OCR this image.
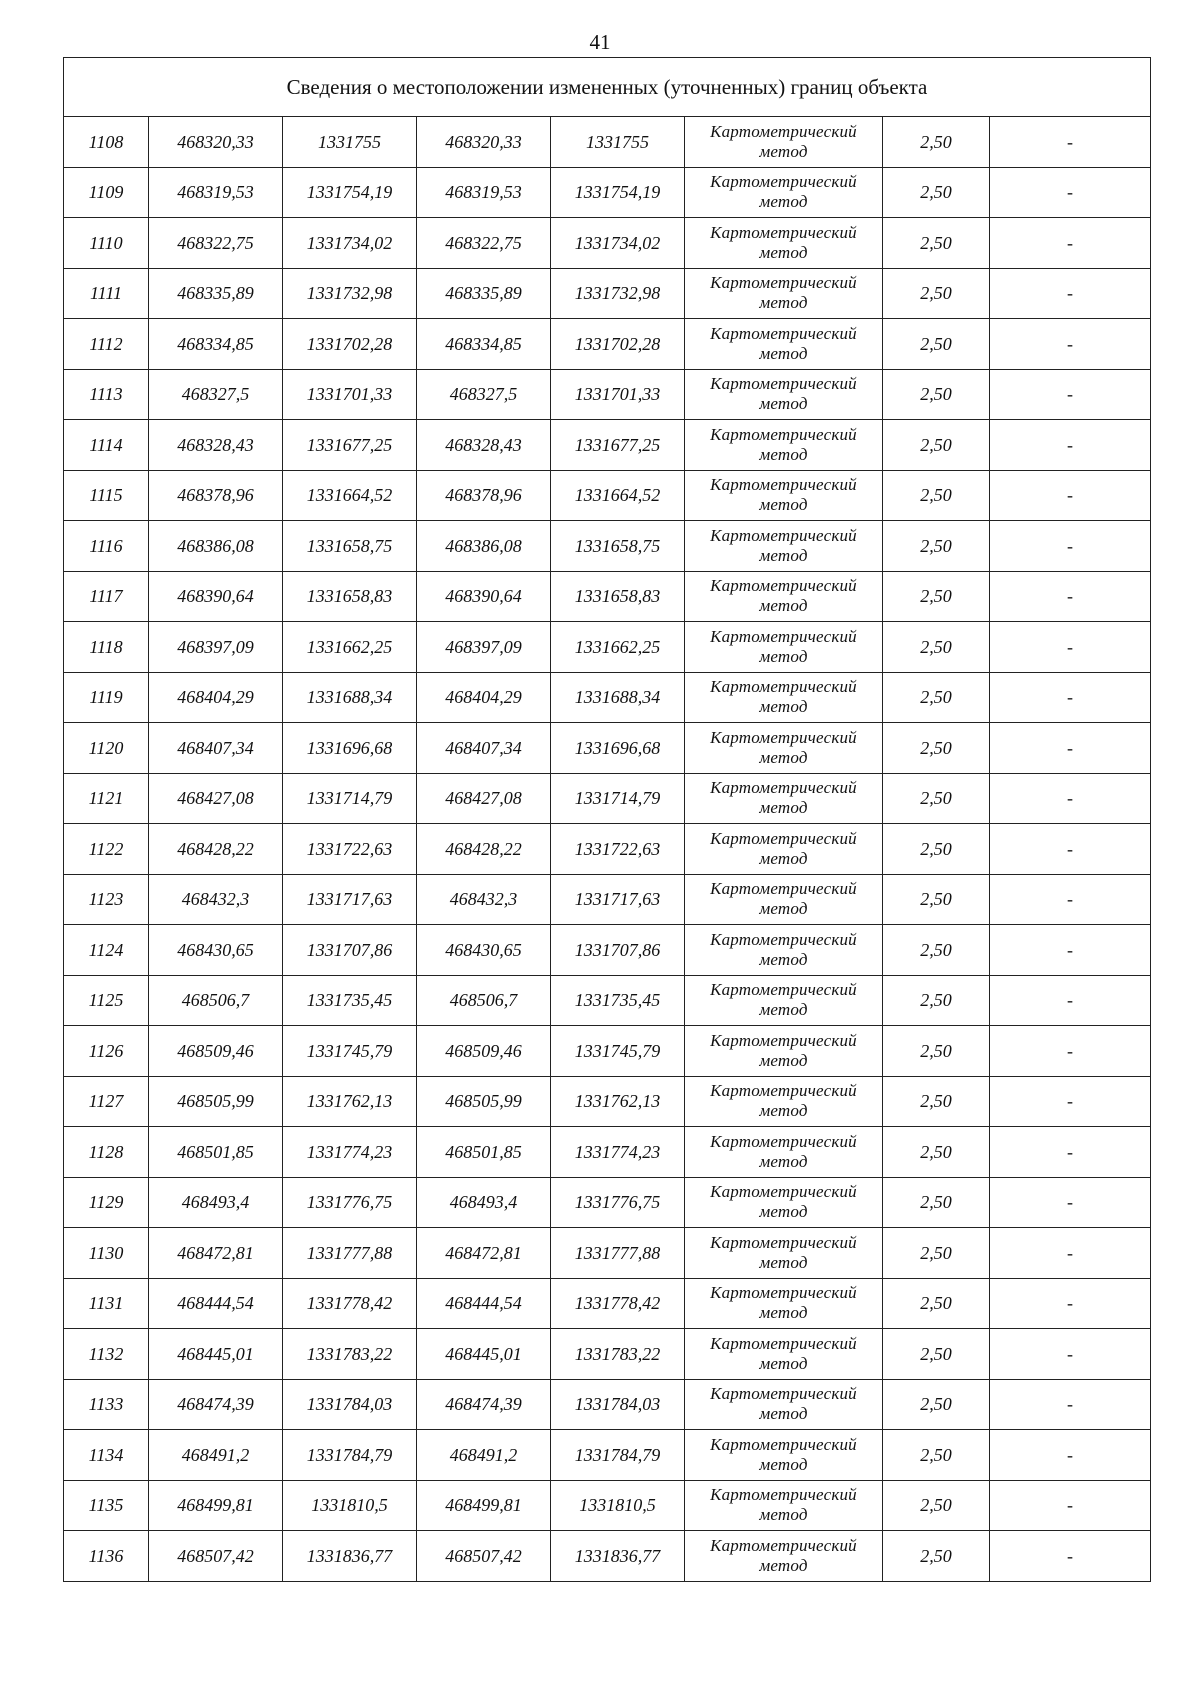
41
Сведения о местоположении измененных (уточненных) границ объекта							
1108	468320,33	1331755	468320,33	1331755	Картометрический
метод	2,50	-
1109	468319,53	1331754,19	468319,53	1331754,19	Картометрический
метод	2,50	-
1110	468322,75	1331734,02	468322,75	1331734,02	Картометрический
метод	2,50	-
1111	468335,89	1331732,98	468335,89	1331732,98	Картометрический
метод	2,50	-
1112	468334,85	1331702,28	468334,85	1331702,28	Картометрический
метод	2,50	-
1113	468327,5	1331701,33	468327,5	1331701,33	Картометрический
метод	2,50	-
1114	468328,43	1331677,25	468328,43	1331677,25	Картометрический
метод	2,50	-
1115	468378,96	1331664,52	468378,96	1331664,52	Картометрический
метод	2,50	-
1116	468386,08	1331658,75	468386,08	1331658,75	Картометрический
метод	2,50	-
1117	468390,64	1331658,83	468390,64	1331658,83	Картометрический
метод	2,50	-
1118	468397,09	1331662,25	468397,09	1331662,25	Картометрический
метод	2,50	-
1119	468404,29	1331688,34	468404,29	1331688,34	Картометрический
метод	2,50	-
1120	468407,34	1331696,68	468407,34	1331696,68	Картометрический
метод	2,50	-
1121	468427,08	1331714,79	468427,08	1331714,79	Картометрический
метод	2,50	-
1122	468428,22	1331722,63	468428,22	1331722,63	Картометрический
метод	2,50	-
1123	468432,3	1331717,63	468432,3	1331717,63	Картометрический
метод	2,50	-
1124	468430,65	1331707,86	468430,65	1331707,86	Картометрический
метод	2,50	-
1125	468506,7	1331735,45	468506,7	1331735,45	Картометрический
метод	2,50	-
1126	468509,46	1331745,79	468509,46	1331745,79	Картометрический
метод	2,50	-
1127	468505,99	1331762,13	468505,99	1331762,13	Картометрический
метод	2,50	-
1128	468501,85	1331774,23	468501,85	1331774,23	Картометрический
метод	2,50	-
1129	468493,4	1331776,75	468493,4	1331776,75	Картометрический
метод	2,50	-
1130	468472,81	1331777,88	468472,81	1331777,88	Картометрический
метод	2,50	-
1131	468444,54	1331778,42	468444,54	1331778,42	Картометрический
метод	2,50	-
1132	468445,01	1331783,22	468445,01	1331783,22	Картометрический
метод	2,50	-
1133	468474,39	1331784,03	468474,39	1331784,03	Картометрический
метод	2,50	-
1134	468491,2	1331784,79	468491,2	1331784,79	Картометрический
метод	2,50	-
1135	468499,81	1331810,5	468499,81	1331810,5	Картометрический
метод	2,50	-
1136	468507,42	1331836,77	468507,42	1331836,77	Картометрический
метод	2,50	-
